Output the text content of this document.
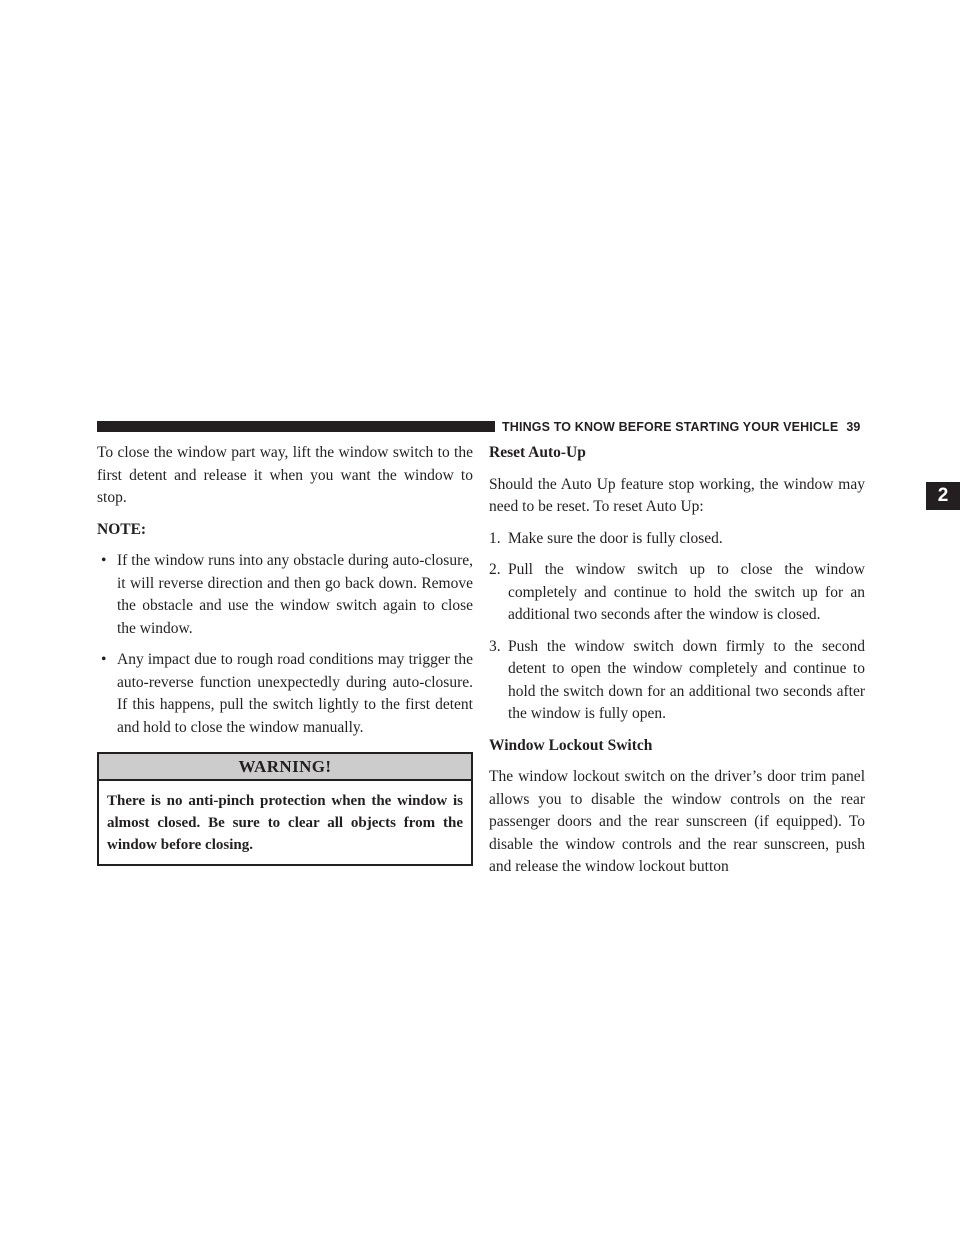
THINGS TO KNOW BEFORE STARTING YOUR VEHICLE 39
2

To close the window part way, lift the window switch to the first detent and release it when you want the window to stop.

NOTE:

• If the window runs into any obstacle during auto-closure, it will reverse direction and then go back down. Remove the obstacle and use the window switch again to close the window.
• Any impact due to rough road conditions may trigger the auto-reverse function unexpectedly during auto-closure. If this happens, pull the switch lightly to the first detent and hold to close the window manually.
WARNING!
There is no anti-pinch protection when the window is almost closed. Be sure to clear all objects from the window before closing.
Reset Auto-Up

Should the Auto Up feature stop working, the window may need to be reset. To reset Auto Up:

1. Make sure the door is fully closed.
2. Pull the window switch up to close the window completely and continue to hold the switch up for an additional two seconds after the window is closed.
3. Push the window switch down firmly to the second detent to open the window completely and continue to hold the switch down for an additional two seconds after the window is fully open.
Window Lockout Switch

The window lockout switch on the driver’s door trim panel allows you to disable the window controls on the rear passenger doors and the rear sunscreen (if equipped). To disable the window controls and the rear sunscreen, push and release the window lockout button
